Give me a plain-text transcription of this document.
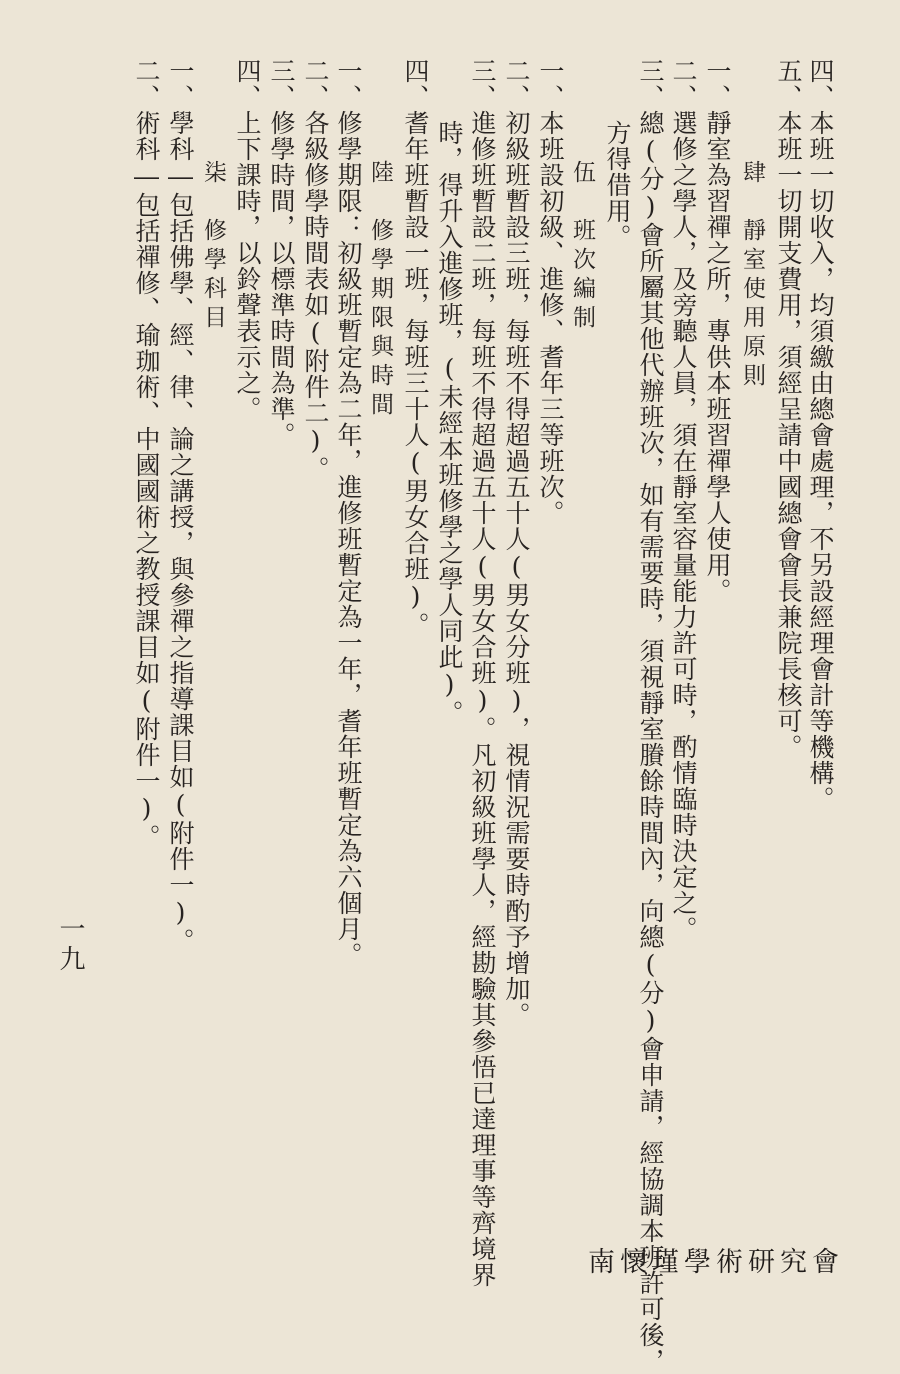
四、本班一切收入，均須繳由總會處理，不另設經理會計等機構。
五、本班一切開支費用，須經呈請中國總會會長兼院長核可。
肆　靜室使用原則
一、靜室為習禪之所，專供本班習禪學人使用。
二、選修之學人，及旁聽人員，須在靜室容量能力許可時，酌情臨時決定之。
三、總(分)會所屬其他代辦班次，如有需要時，須視靜室賸餘時間內，向總(分)會申請，經協調本班許可後，
方得借用。
伍　班次編制
一、本班設初級、進修、耆年三等班次。
二、初級班暫設三班，每班不得超過五十人(男女分班)，視情況需要時酌予增加。
三、進修班暫設二班，每班不得超過五十人(男女合班)。凡初級班學人，經勘驗其參悟已達理事等齊境界
時，得升入進修班，(未經本班修學之學人同此)。
四、耆年班暫設一班，每班三十人(男女合班)。
陸　修學期限與時間
一、修學期限：初級班暫定為二年，進修班暫定為一年，耆年班暫定為六個月。
二、各級修學時間表如(附件二)。
三、修學時間，以標準時間為準。
四、上下課時，以鈴聲表示之。
柒　修學科目
一、學科―包括佛學、經、律、論之講授，與參禪之指導課目如(附件一)。
二、術科―包括禪修、瑜珈術、中國國術之教授課目如(附件一)。
一九
南懷瑾學術研究會
